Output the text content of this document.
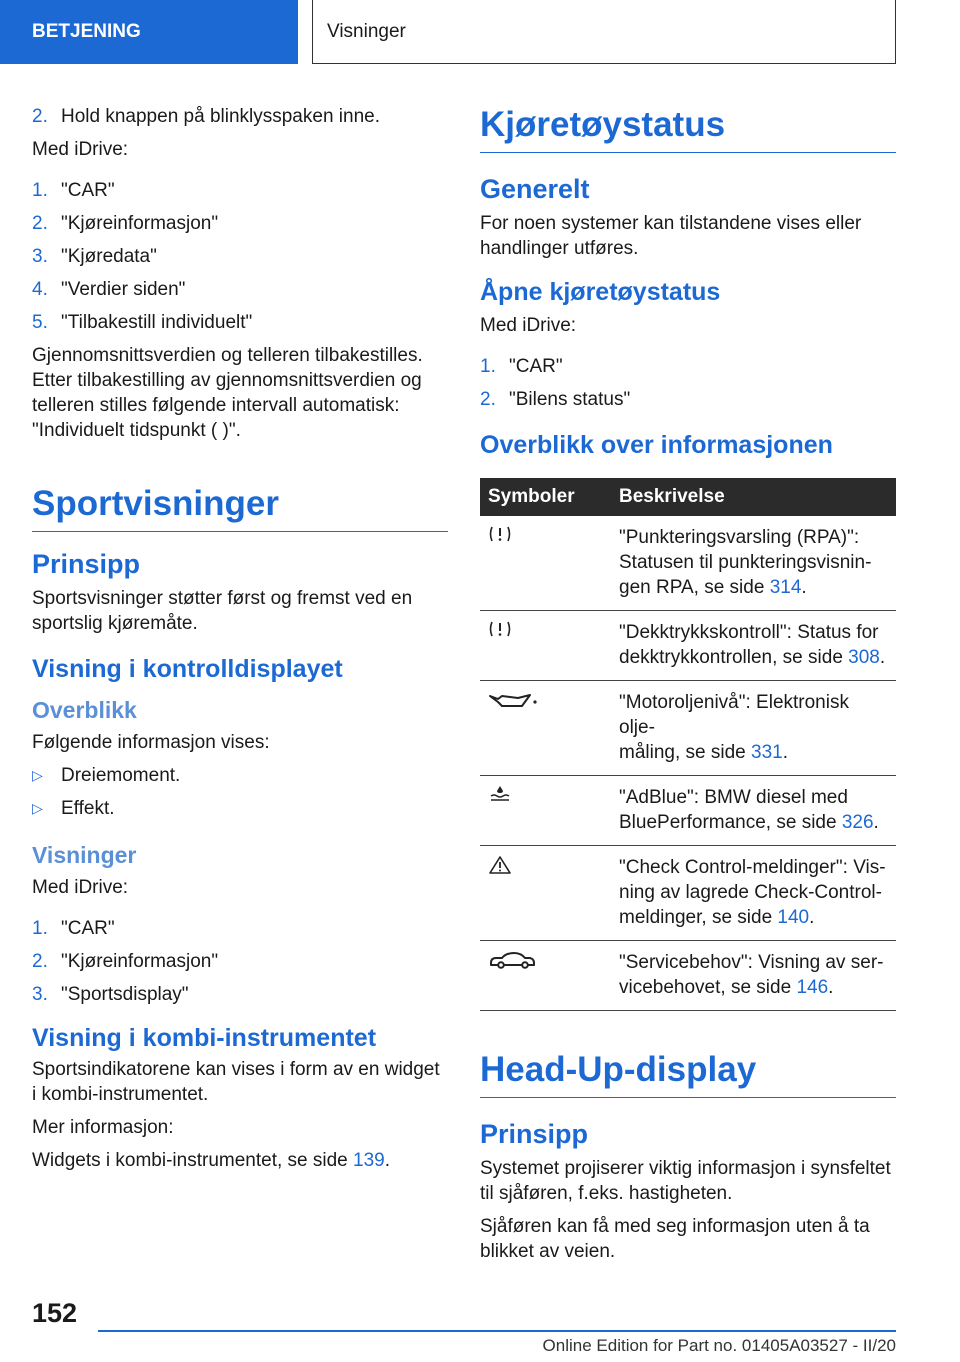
BETJENING	Visninger
2. Hold knappen på blinklysspaken inne.

Med iDrive:

1. "CAR"
2. "Kjøreinformasjon"
3. "Kjøredata"
4. "Verdier siden"
5. "Tilbakestill individuelt"

Gjennomsnittsverdien og telleren tilbakestilles. Etter tilbakestilling av gjennomsnittsverdien og telleren stilles følgende intervall automatisk: "Individuelt tidspunkt ( )".

Sportvisninger
Prinsipp

Sportsvisninger støtter først og fremst ved en sportslig kjøremåte.

Visning i kontrolldisplayet
Overblikk

Følgende informasjon vises:

▷ Dreiemoment.
▷ Effekt.
Visninger

Med iDrive:

1. "CAR"
2. "Kjøreinformasjon"
3. "Sportsdisplay"
Visning i kombi-instrumentet

Sportsindikatorene kan vises i form av en widget i kombi-instrumentet.

Mer informasjon:

Widgets i kombi-instrumentet, se side 139.

Kjøretøystatus
Generelt

For noen systemer kan tilstandene vises eller handlinger utføres.

Åpne kjøretøystatus

Med iDrive:

1. "CAR"
2. "Bilens status"
Overblikk over informasjonen
Symboler	Beskrivelse
	"Punkteringsvarsling (RPA)":
Statusen til punkteringsvisnin-
gen RPA, se side 314.
	"Dekktrykkskontroll": Status for
dekktrykkontrollen, se side 308.
	"Motoroljenivå": Elektronisk olje-
måling, se side 331.
	"AdBlue": BMW diesel med
BluePerformance, se side 326.
	"Check Control-meldinger": Vis-
ning av lagrede Check-Control-
meldinger, se side 140.
	"Servicebehov": Visning av ser-
vicebehovet, se side 146.
Head-Up-display
Prinsipp

Systemet projiserer viktig informasjon i synsfeltet til sjåføren, f.eks. hastigheten.

Sjåføren kan få med seg informasjon uten å ta blikket av veien.

152
Online Edition for Part no. 01405A03527 - II/20
